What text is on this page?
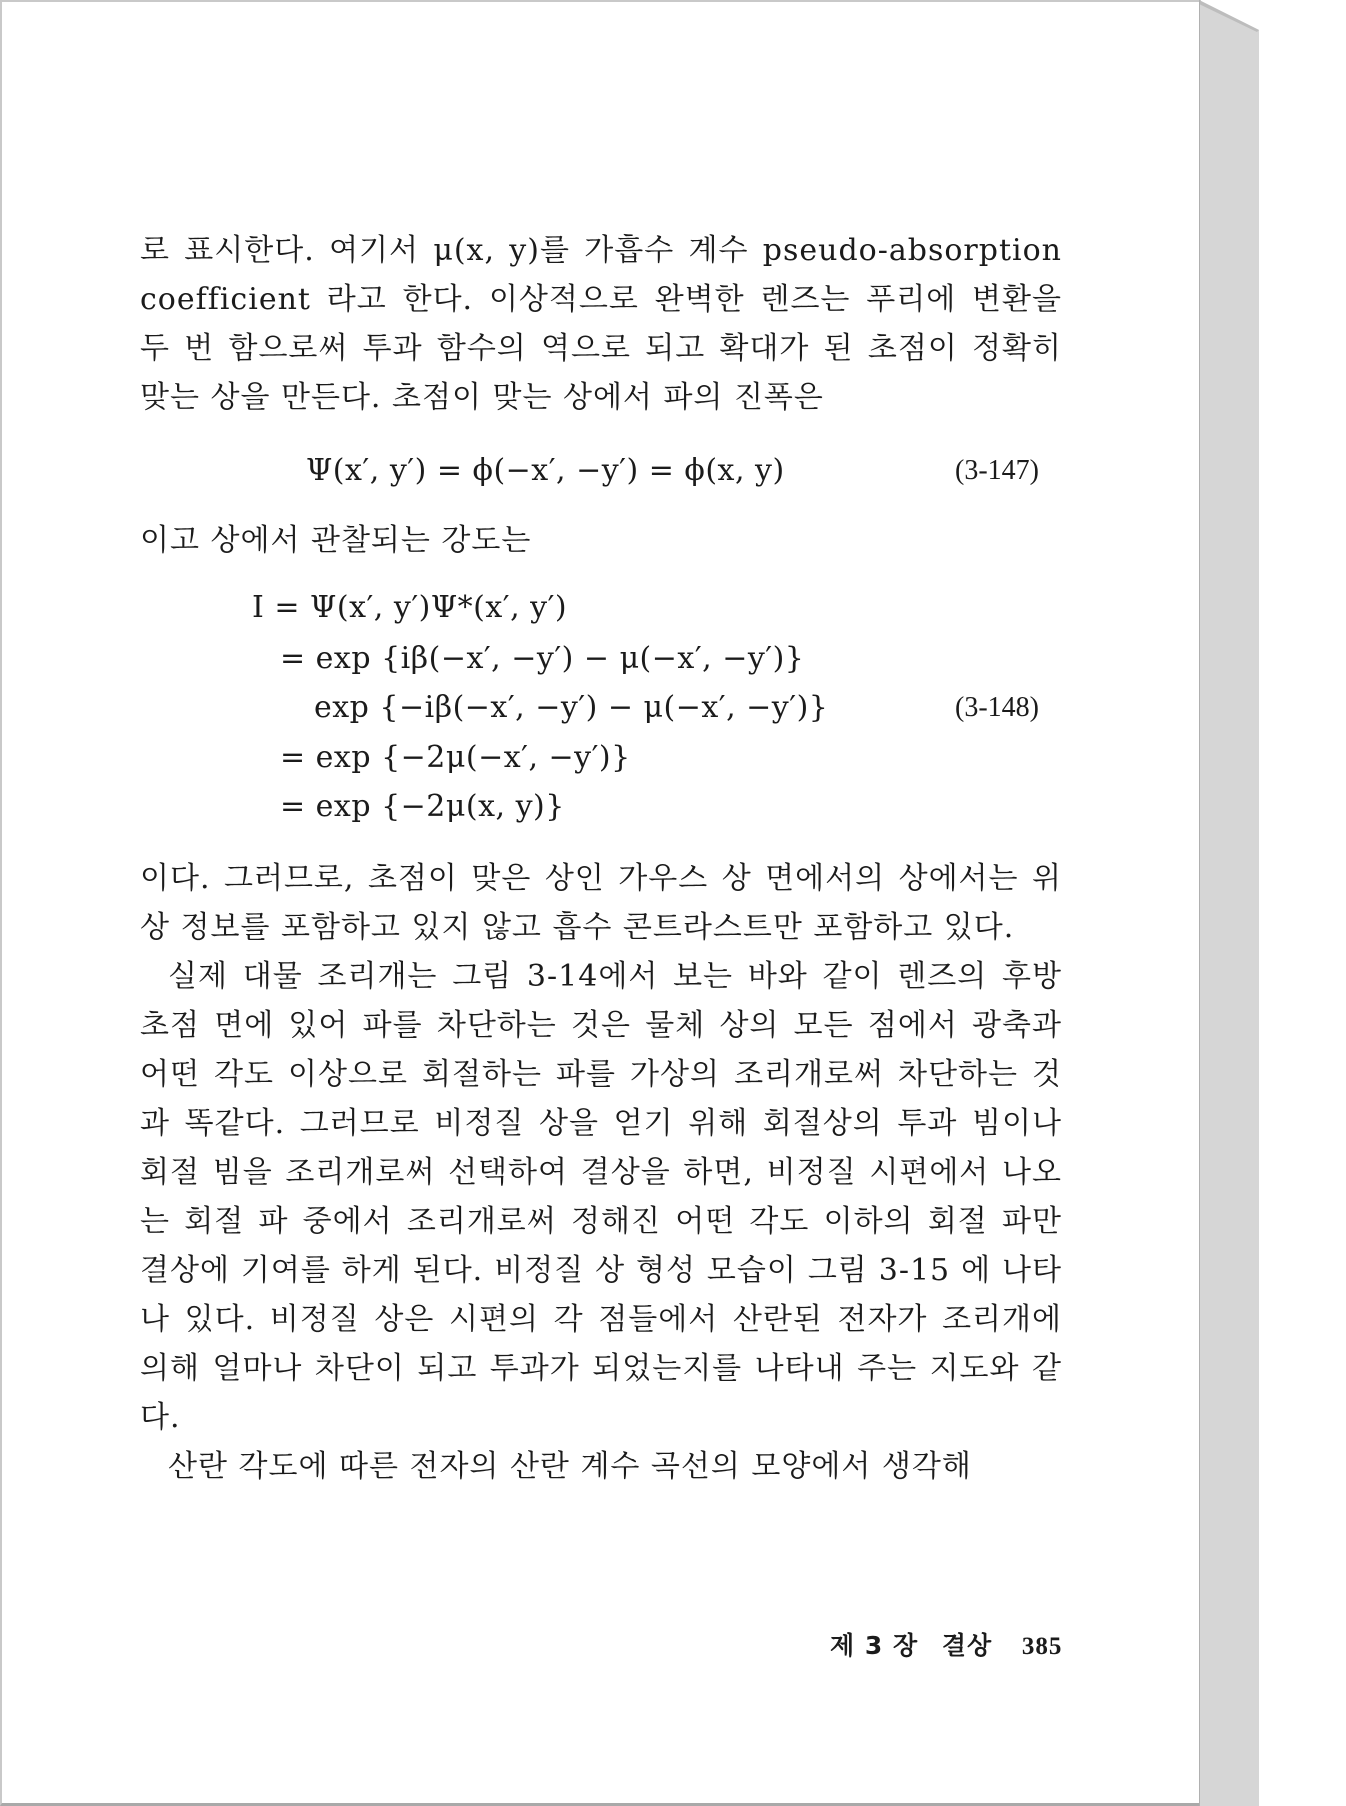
로 표시한다. 여기서 μ(x, y)를 가흡수 계수 pseudo-absorption coefficient 라고 한다. 이상적으로 완벽한 렌즈는 푸리에 변환을 두 번 함으로써 투과 함수의 역으로 되고 확대가 된 초점이 정확히 맞는 상을 만든다. 초점이 맞는 상에서 파의 진폭은

Ψ(x′, y′) = ϕ(−x′, −y′) = ϕ(x, y)	(3-147)

이고 상에서 관찰되는 강도는

I = Ψ(x′, y′)Ψ*(x′, y′)
= exp {iβ(−x′, −y′) − μ(−x′, −y′)}
exp {−iβ(−x′, −y′) − μ(−x′, −y′)}	(3-148)
= exp {−2μ(−x′, −y′)}
= exp {−2μ(x, y)}

이다. 그러므로, 초점이 맞은 상인 가우스 상 면에서의 상에서는 위상 정보를 포함하고 있지 않고 흡수 콘트라스트만 포함하고 있다.

실제 대물 조리개는 그림 3-14에서 보는 바와 같이 렌즈의 후방 초점 면에 있어 파를 차단하는 것은 물체 상의 모든 점에서 광축과 어떤 각도 이상으로 회절하는 파를 가상의 조리개로써 차단하는 것과 똑같다. 그러므로 비정질 상을 얻기 위해 회절상의 투과 빔이나 회절 빔을 조리개로써 선택하여 결상을 하면, 비정질 시편에서 나오는 회절 파 중에서 조리개로써 정해진 어떤 각도 이하의 회절 파만 결상에 기여를 하게 된다. 비정질 상 형성 모습이 그림 3-15 에 나타나 있다. 비정질 상은 시편의 각 점들에서 산란된 전자가 조리개에 의해 얼마나 차단이 되고 투과가 되었는지를 나타내 주는 지도와 같다.

산란 각도에 따른 전자의 산란 계수 곡선의 모양에서 생각해

제 3 장 결상 385
